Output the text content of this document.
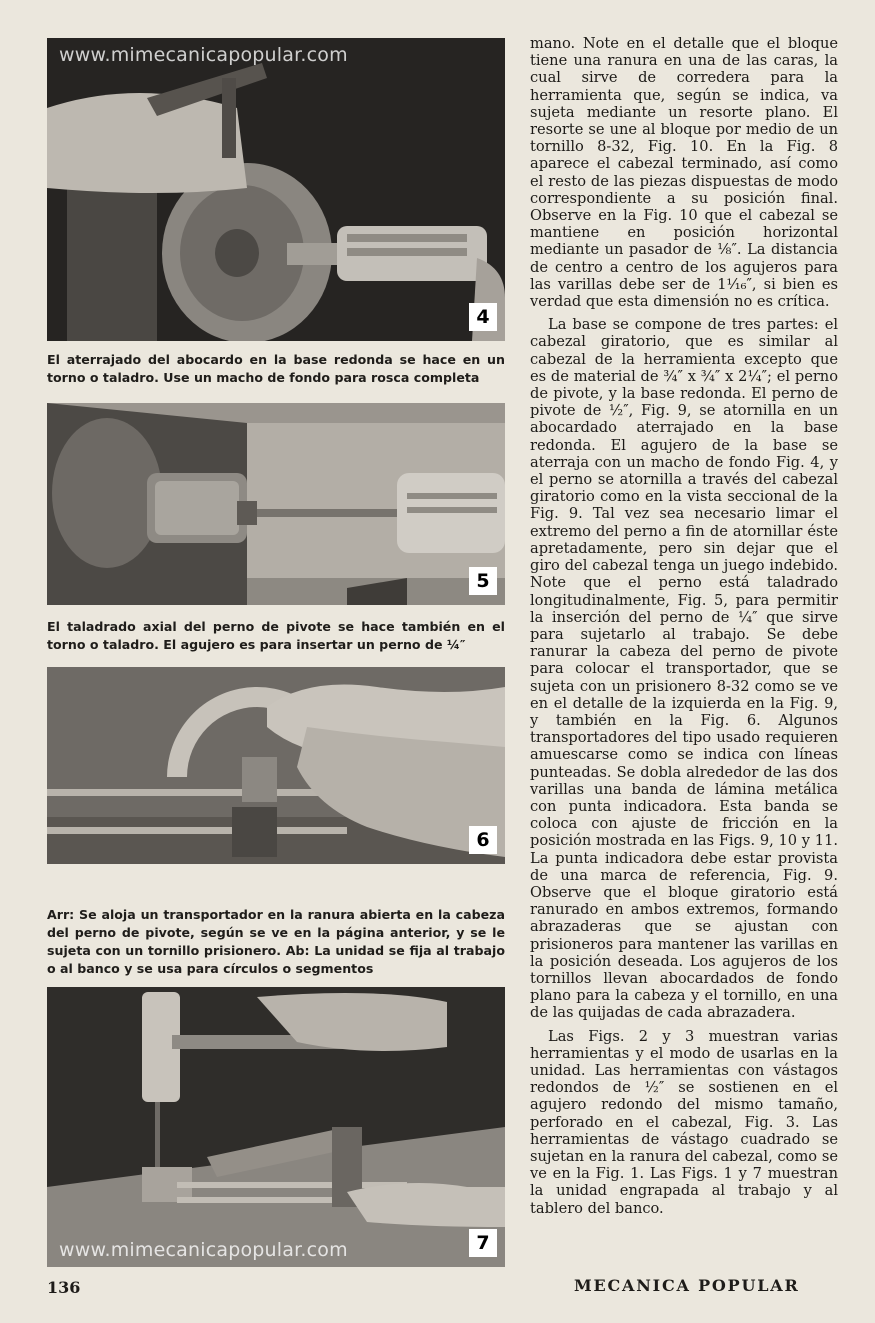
www.mimecanicapopular.com
4

El aterrajado del abocardo en la base redonda se hace en un torno o taladro. Use un macho de fondo para rosca completa

5

El taladrado axial del perno de pivote se hace también en el torno o taladro. El agujero es para insertar un perno de ¼″

6

Arr: Se aloja un transportador en la ranura abierta en la cabeza del perno de pivote, según se ve en la página anterior, y se le sujeta con un tornillo prisionero. Ab: La unidad se fija al trabajo o al banco y se usa para círculos o segmentos

www.mimecanicapopular.com	7

mano. Note en el detalle que el bloque tiene una ranura en una de las caras, la cual sirve de corredera para la herramienta que, según se indica, va sujeta mediante un resorte plano. El resorte se une al bloque por medio de un tornillo 8-32, Fig. 10. En la Fig. 8 aparece el cabezal terminado, así como el resto de las piezas dispuestas de modo correspondiente a su posición final. Observe en la Fig. 10 que el cabezal se mantiene en posición horizontal mediante un pasador de ⅛″. La distancia de centro a centro de los agujeros para las varillas debe ser de 1¹⁄₁₆″, si bien es verdad que esta dimensión no es crítica.

La base se compone de tres partes: el cabezal giratorio, que es similar al cabezal de la herramienta excepto que es de material de ¾″ x ¾″ x 2¼″; el perno de pivote, y la base redonda. El perno de pivote de ½″, Fig. 9, se atornilla en un abocardado aterrajado en la base redonda. El agujero de la base se aterraja con un macho de fondo Fig. 4, y el perno se atornilla a través del cabezal giratorio como en la vista seccional de la Fig. 9. Tal vez sea necesario limar el extremo del perno a fin de atornillar éste apretadamente, pero sin dejar que el giro del cabezal tenga un juego indebido. Note que el perno está taladrado longitudinalmente, Fig. 5, para permitir la inserción del perno de ¼″ que sirve para sujetarlo al trabajo. Se debe ranurar la cabeza del perno de pivote para colocar el transportador, que se sujeta con un prisionero 8-32 como se ve en el detalle de la izquierda en la Fig. 9, y también en la Fig. 6. Algunos transportadores del tipo usado requieren amuescarse como se indica con líneas punteadas. Se dobla alrededor de las dos varillas una banda de lámina metálica con punta indicadora. Esta banda se coloca con ajuste de fricción en la posición mostrada en las Figs. 9, 10 y 11. La punta indicadora debe estar provista de una marca de referencia, Fig. 9. Observe que el bloque giratorio está ranurado en ambos extremos, formando abrazaderas que se ajustan con prisioneros para mantener las varillas en la posición deseada. Los agujeros de los tornillos llevan abocardados de fondo plano para la cabeza y el tornillo, en una de las quijadas de cada abrazadera.

Las Figs. 2 y 3 muestran varias herramientas y el modo de usarlas en la unidad. Las herramientas con vástagos redondos de ½″ se sostienen en el agujero redondo del mismo tamaño, perforado en el cabezal, Fig. 3. Las herramientas de vástago cuadrado se sujetan en la ranura del cabezal, como se ve en la Fig. 1. Las Figs. 1 y 7 muestran la unidad engrapada al trabajo y al tablero del banco.

136	MECANICA POPULAR
